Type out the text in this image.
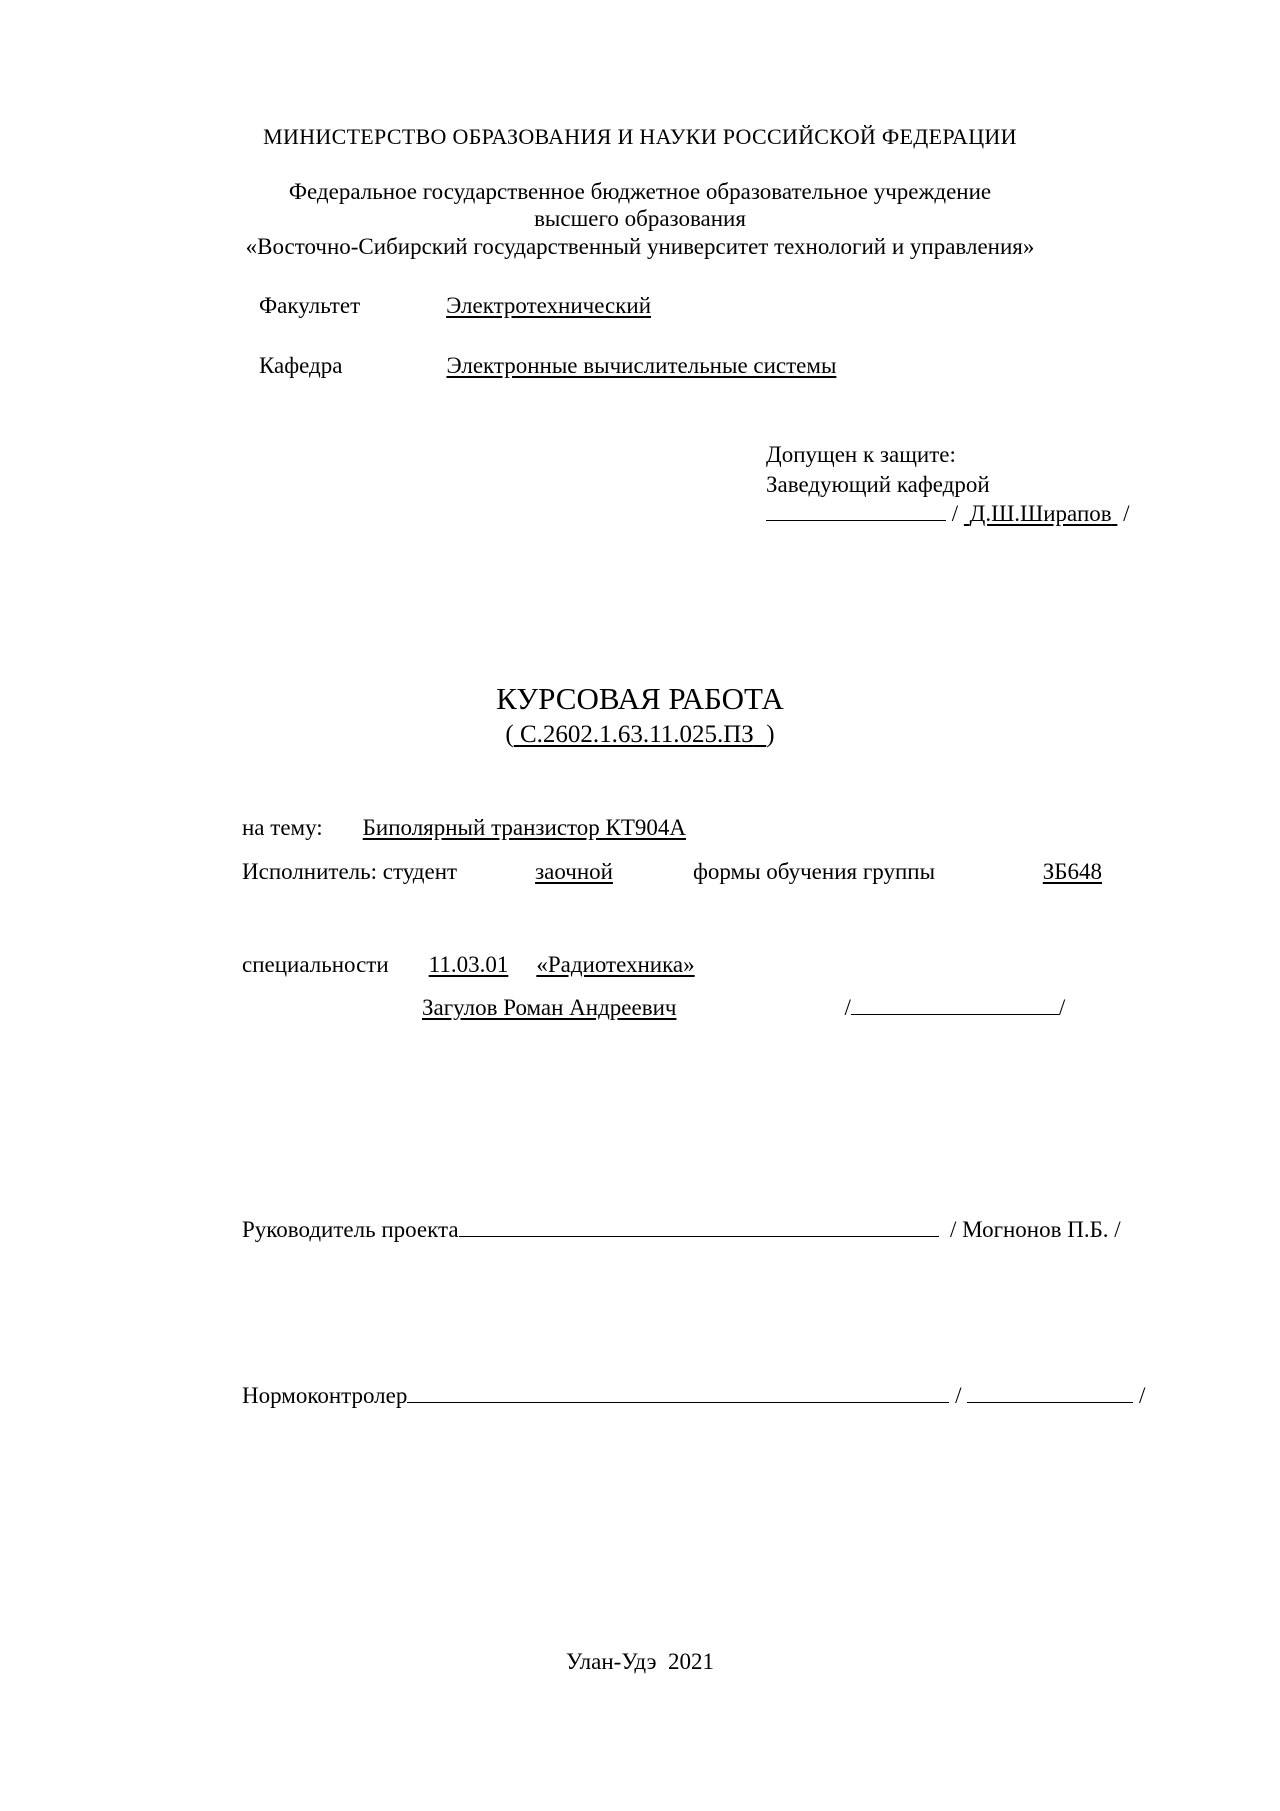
МИНИСТЕРСТВО ОБРАЗОВАНИЯ И НАУКИ РОССИЙСКОЙ ФЕДЕРАЦИИ
Федеральное государственное бюджетное образовательное учреждение
высшего образования
«Восточно-Сибирский государственный университет технологий и управления»
Факультет	Электротехнический
Кафедра	Электронные вычислительные системы
Допущен к защите:
Заведующий кафедрой
/  Д.Ш.Ширапов  /
КУРСОВАЯ РАБОТА
( С.2602.1.63.11.025.ПЗ )
на тему: Биполярный транзистор КТ904А
Исполнитель: студент	заочной	формы обучения группы	ЗБ648
специальности 11.03.01 «Радиотехника»
Загулов Роман Андреевич	/	/
Руководитель проекта	/ Могнонов П.Б. /
Нормоконтролер	/	/
Улан-Удэ 2021
